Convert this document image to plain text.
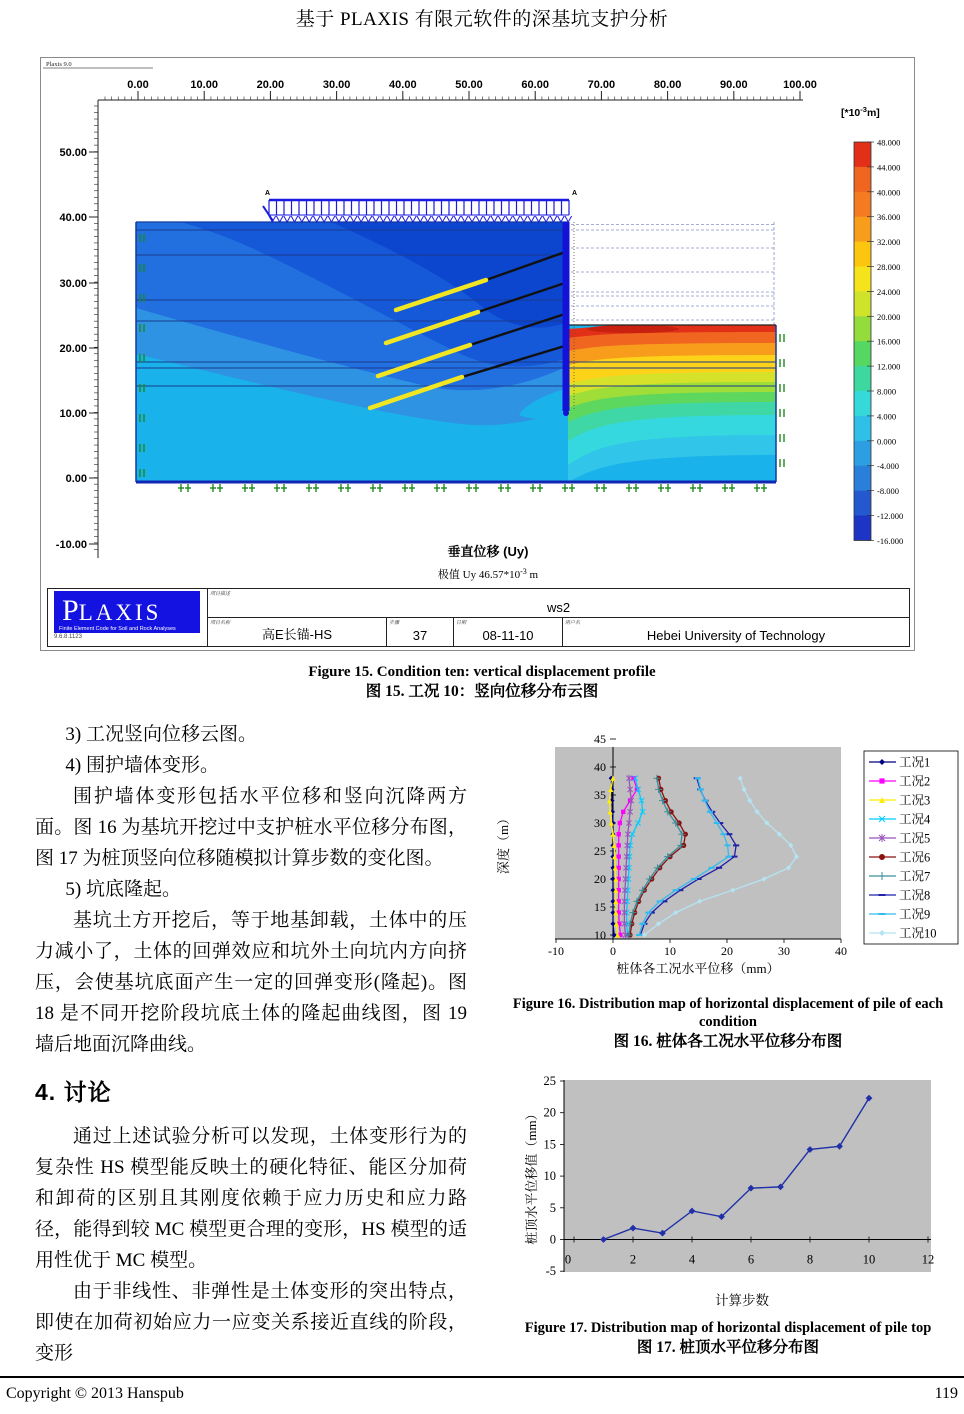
基于 PLAXIS 有限元软件的深基坑支护分析
Plaxis 9.0
0.00	10.00	20.00	30.00	40.00	50.00	60.00	70.00	80.00	90.00	100.00
50.00
40.00
30.00
20.00
10.00
0.00
-10.00
A	A
$[*10^{-3}m]$
48.000
44.000
40.000
36.000
32.000
28.000
24.000
20.000
16.000
12.000
8.000
4.000
0.000
-4.000
-8.000
-12.000
-16.000
垂直位移 (Uy)
极值 Uy $46.57*10^{-3}$ m
PLAXIS
Finite Element Code for Soil and Rock Analyses
9.6.8.1123
项目描述
ws2
项目名称
高E长锚-HS
步骤
37
日期
08-11-10
用户名
Hebei University of Technology
Figure 15. Condition ten: vertical displacement profile
图 15. 工况 10：竖向位移分布云图

3) 工况竖向位移云图。

4) 围护墙体变形。

围护墙体变形包括水平位移和竖向沉降两方面。图 16 为基坑开挖过中支护桩水平位移分布图，图 17 为桩顶竖向位移随模拟计算步数的变化图。

5) 坑底隆起。

基坑土方开挖后，等于地基卸载，土体中的压力减小了，土体的回弹效应和坑外土向坑内方向挤压，会使基坑底面产生一定的回弹变形(隆起)。图 18 是不同开挖阶段坑底土体的隆起曲线图，图 19 墙后地面沉降曲线。

4. 讨论

通过上述试验分析可以发现，土体变形行为的复杂性 HS 模型能反映土的硬化特征、能区分加荷和卸荷的区别且其刚度依赖于应力历史和应力路径，能得到较 MC 模型更合理的变形，HS 模型的适用性优于 MC 模型。

由于非线性、非弹性是土体变形的突出特点，即使在加荷初始应力一应变关系接近直线的阶段，变形

45
40
35
30
25
20
15
10
-10	0	10	20	30	40
深度（m）
桩体各工况水平位移（mm）
工况1
工况2
工况3
工况4
工况5
工况6
工况7
工况8
工况9
工况10
Figure 16. Distribution map of horizontal displacement of pile of each condition
图 16. 桩体各工况水平位移分布图
25
20
15
10
5
0
-5
0	2	4	6	8	10	12
桩顶水平位移值（mm）
计算步数
Figure 17. Distribution map of horizontal displacement of pile top
图 17. 桩顶水平位移分布图
Copyright © 2013 Hanspub	119
